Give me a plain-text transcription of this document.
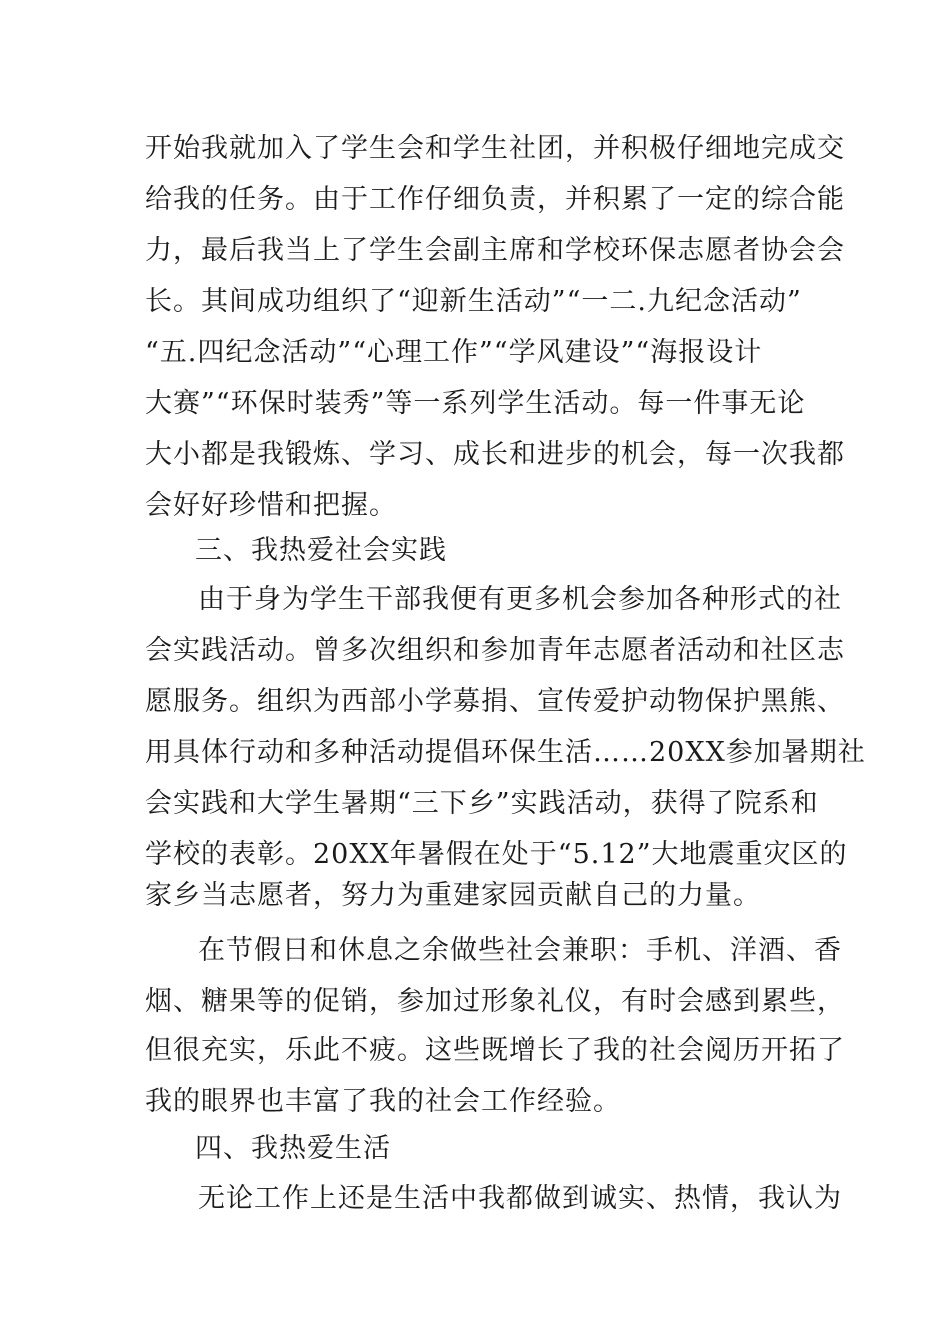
开始我就加入了学生会和学生社团，并积极仔细地完成交
给我的任务。由于工作仔细负责，并积累了一定的综合能
力，最后我当上了学生会副主席和学校环保志愿者协会会
长。其间成功组织了“迎新生活动”“一二.九纪念活动”
“五.四纪念活动”“心理工作”“学风建设”“海报设计
大赛”“环保时装秀”等一系列学生活动。每一件事无论
大小都是我锻炼、学习、成长和进步的机会，每一次我都
会好好珍惜和把握。
三、我热爱社会实践
由于身为学生干部我便有更多机会参加各种形式的社
会实践活动。曾多次组织和参加青年志愿者活动和社区志
愿服务。组织为西部小学募捐、宣传爱护动物保护黑熊、
用具体行动和多种活动提倡环保生活……20XX参加暑期社
会实践和大学生暑期“三下乡”实践活动，获得了院系和
学校的表彰。20XX年暑假在处于“5.12”大地震重灾区的
家乡当志愿者，努力为重建家园贡献自己的力量。
在节假日和休息之余做些社会兼职：手机、洋酒、香
烟、糖果等的促销，参加过形象礼仪，有时会感到累些，
但很充实，乐此不疲。这些既增长了我的社会阅历开拓了
我的眼界也丰富了我的社会工作经验。
四、我热爱生活
无论工作上还是生活中我都做到诚实、热情，我认为
